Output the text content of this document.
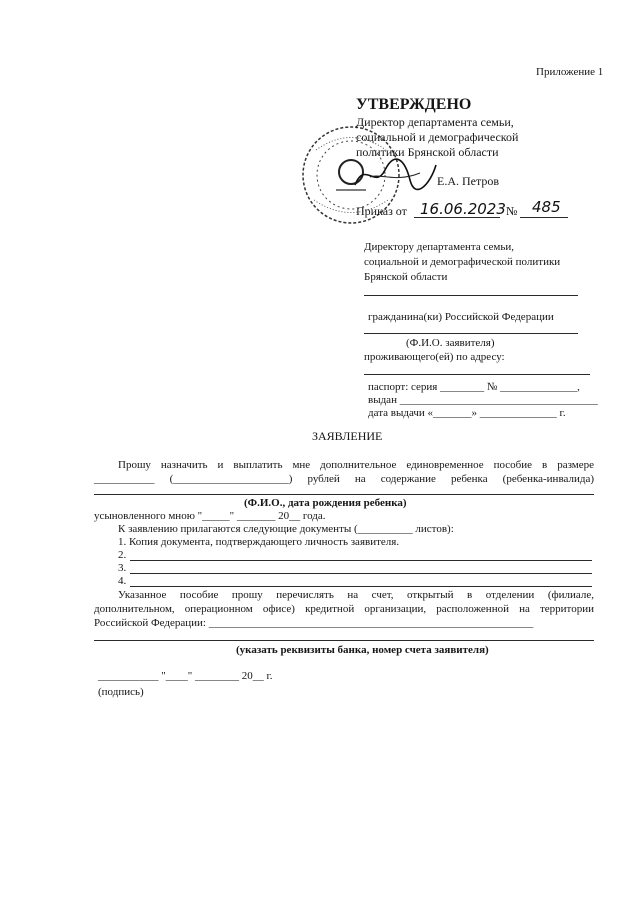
Приложение 1
УТВЕРЖДЕНО
Директор департамента семьи,
социальной и демографической
политики Брянской области
Е.А. Петров
Приказ от 16.06.2023 № 485
Директору департамента семьи,
социальной и демографической политики
Брянской области
гражданина(ки) Российской Федерации
(Ф.И.О. заявителя)
проживающего(ей) по адресу:
паспорт: серия ________ № ______________,
выдан ____________________________________
дата выдачи «_______» ______________ г.
ЗАЯВЛЕНИЕ
Прошу назначить и выплатить мне дополнительное единовременное пособие в размере
___________ (_____________________) рублей на содержание ребенка (ребенка-инвалида)
(Ф.И.О., дата рождения ребенка)
усыновленного мною "_____" _______ 20__ года.
К заявлению прилагаются следующие документы (__________ листов):
1. Копия документа, подтверждающего личность заявителя.
2.
3.
4.
Указанное пособие прошу перечислять на счет, открытый в отделении (филиале,
дополнительном, операционном офисе) кредитной организации, расположенной на территории
Российской Федерации: ___________________________________________________________
(указать реквизиты банка, номер счета заявителя)
___________ "____" ________ 20__ г.
(подпись)
